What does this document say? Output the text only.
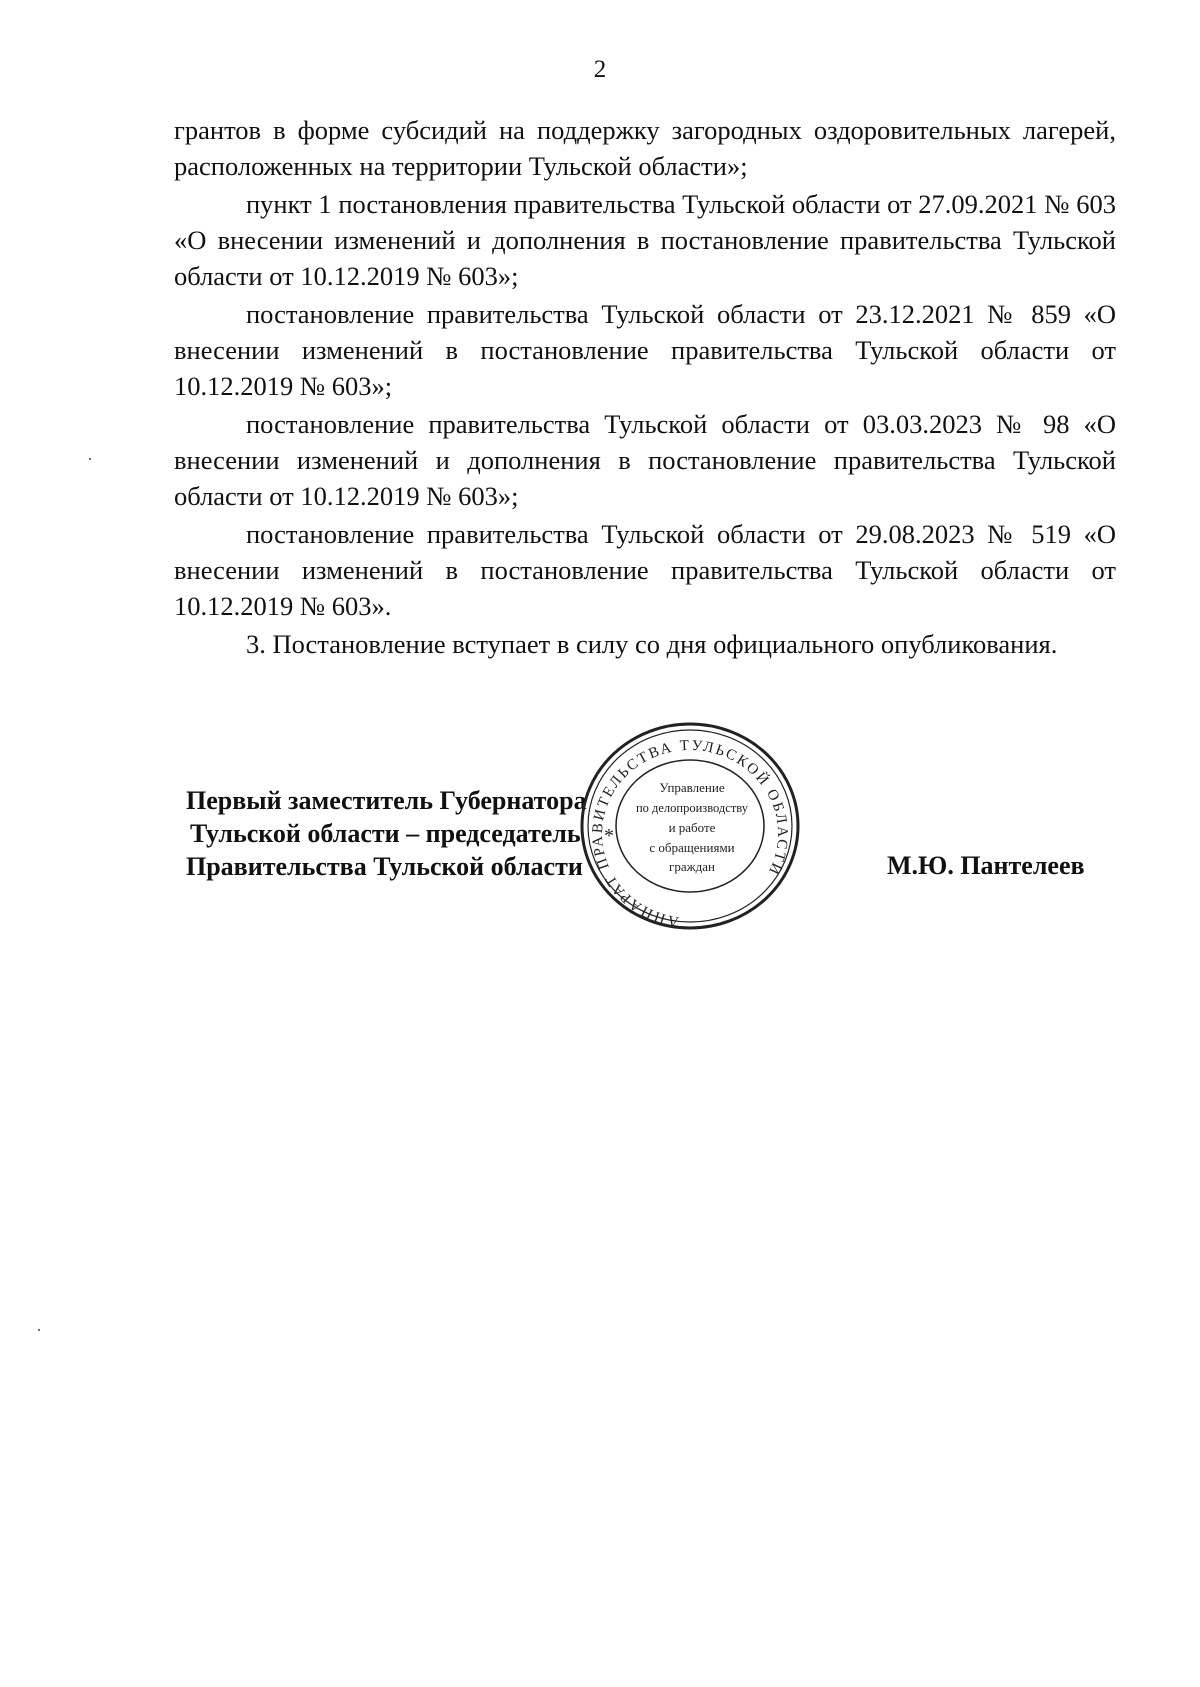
2

грантов в форме субсидий на поддержку загородных оздоровительных лагерей, расположенных на территории Тульской области»;

пункт 1 постановления правительства Тульской области от 27.09.2021 № 603 «О внесении изменений и дополнения в постановление правительства Тульской области от 10.12.2019 № 603»;

постановление правительства Тульской области от 23.12.2021 № 859 «О внесении изменений в постановление правительства Тульской области от 10.12.2019 № 603»;

постановление правительства Тульской области от 03.03.2023 № 98 «О внесении изменений и дополнения в постановление правительства Тульской области от 10.12.2019 № 603»;

постановление правительства Тульской области от 29.08.2023 № 519 «О внесении изменений в постановление правительства Тульской области от 10.12.2019 № 603».

3. Постановление вступает в силу со дня официального опубликования.

Первый заместитель Губернатора
Тульской области – председатель
Правительства Тульской области	М.Ю. Пантелеев
АППАРАТ ПРАВИТЕЛЬСТВА ТУЛЬСКОЙ ОБЛАСТИ
*
Управление
по делопроизводству
и работе
с обращениями
граждан
